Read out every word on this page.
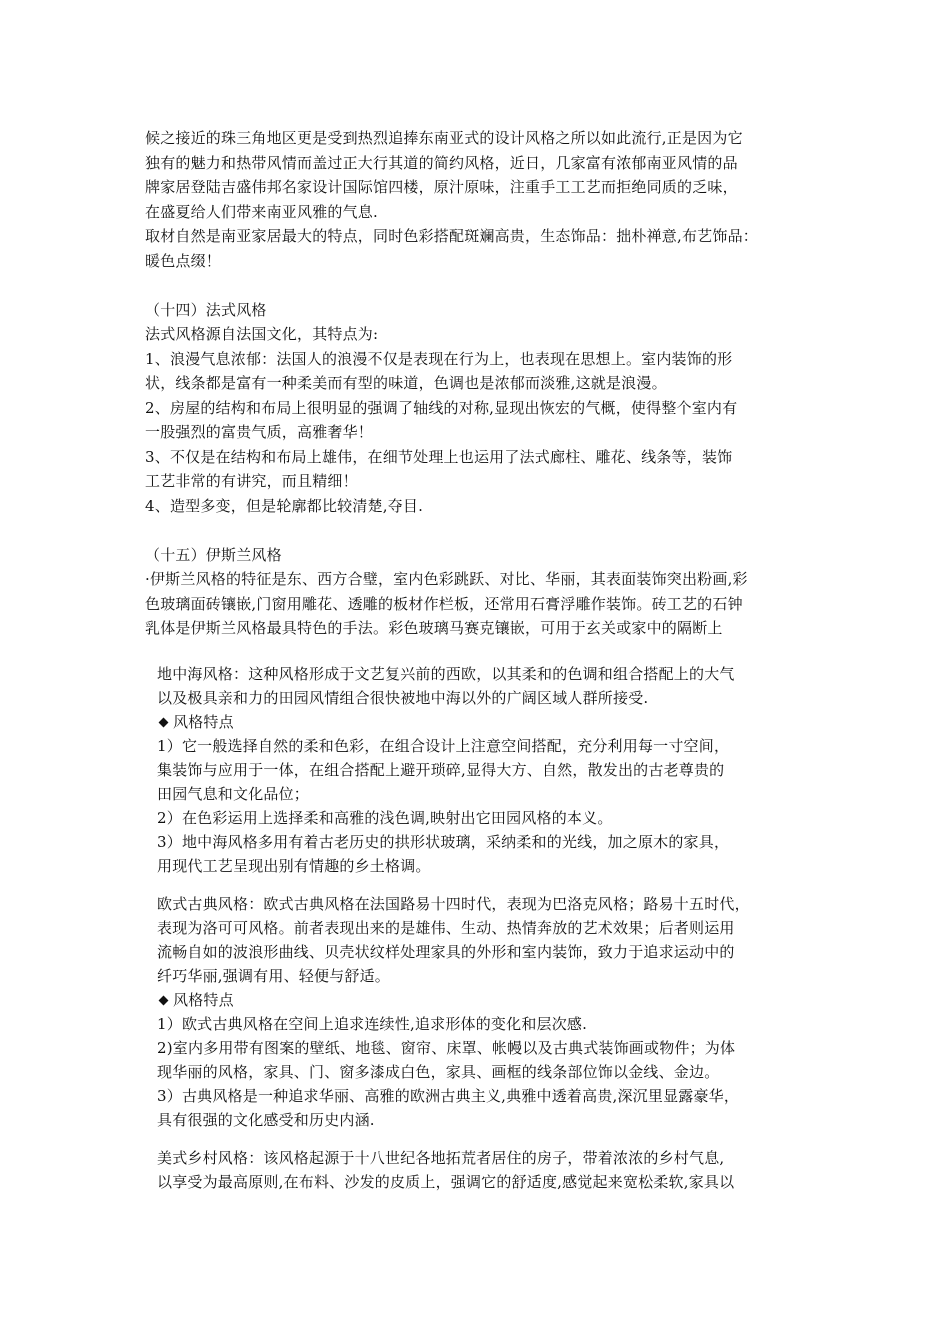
候之接近的珠三角地区更是受到热烈追捧东南亚式的设计风格之所以如此流行,正是因为它
独有的魅力和热带风情而盖过正大行其道的简约风格，近日，几家富有浓郁南亚风情的品
牌家居登陆吉盛伟邦名家设计国际馆四楼，原汁原味，注重手工工艺而拒绝同质的乏味，
在盛夏给人们带来南亚风雅的气息.
取材自然是南亚家居最大的特点，同时色彩搭配斑斓高贵，生态饰品：拙朴禅意,布艺饰品：
暖色点缀！
（十四）法式风格
法式风格源自法国文化，其特点为:
1、浪漫气息浓郁：法国人的浪漫不仅是表现在行为上，也表现在思想上。室内装饰的形
状，线条都是富有一种柔美而有型的味道，色调也是浓郁而淡雅,这就是浪漫。
2、房屋的结构和布局上很明显的强调了轴线的对称,显现出恢宏的气概，使得整个室内有
一股强烈的富贵气质，高雅奢华！
3、不仅是在结构和布局上雄伟，在细节处理上也运用了法式廊柱、雕花、线条等，装饰
工艺非常的有讲究，而且精细！
4、造型多变，但是轮廓都比较清楚,夺目.
（十五）伊斯兰风格
·伊斯兰风格的特征是东、西方合璧，室内色彩跳跃、对比、华丽，其表面装饰突出粉画,彩
色玻璃面砖镶嵌,门窗用雕花、透雕的板材作栏板，还常用石膏浮雕作装饰。砖工艺的石钟
乳体是伊斯兰风格最具特色的手法。彩色玻璃马赛克镶嵌，可用于玄关或家中的隔断上
地中海风格：这种风格形成于文艺复兴前的西欧，以其柔和的色调和组合搭配上的大气
以及极具亲和力的田园风情组合很快被地中海以外的广阔区域人群所接受.
风格特点
1）它一般选择自然的柔和色彩，在组合设计上注意空间搭配，充分利用每一寸空间，
集装饰与应用于一体，在组合搭配上避开琐碎,显得大方、自然，散发出的古老尊贵的
田园气息和文化品位；
2）在色彩运用上选择柔和高雅的浅色调,映射出它田园风格的本义。
3）地中海风格多用有着古老历史的拱形状玻璃，采纳柔和的光线，加之原木的家具，
用现代工艺呈现出别有情趣的乡土格调。
欧式古典风格：欧式古典风格在法国路易十四时代，表现为巴洛克风格；路易十五时代，
表现为洛可可风格。前者表现出来的是雄伟、生动、热情奔放的艺术效果；后者则运用
流畅自如的波浪形曲线、贝壳状纹样处理家具的外形和室内装饰，致力于追求运动中的
纤巧华丽,强调有用、轻便与舒适。
风格特点
1）欧式古典风格在空间上追求连续性,追求形体的变化和层次感.
2)室内多用带有图案的壁纸、地毯、窗帘、床罩、帐幔以及古典式装饰画或物件；为体
现华丽的风格，家具、门、窗多漆成白色，家具、画框的线条部位饰以金线、金边。
3）古典风格是一种追求华丽、高雅的欧洲古典主义,典雅中透着高贵,深沉里显露豪华，
具有很强的文化感受和历史内涵.
美式乡村风格：该风格起源于十八世纪各地拓荒者居住的房子，带着浓浓的乡村气息,
以享受为最高原则,在布料、沙发的皮质上，强调它的舒适度,感觉起来宽松柔软,家具以
